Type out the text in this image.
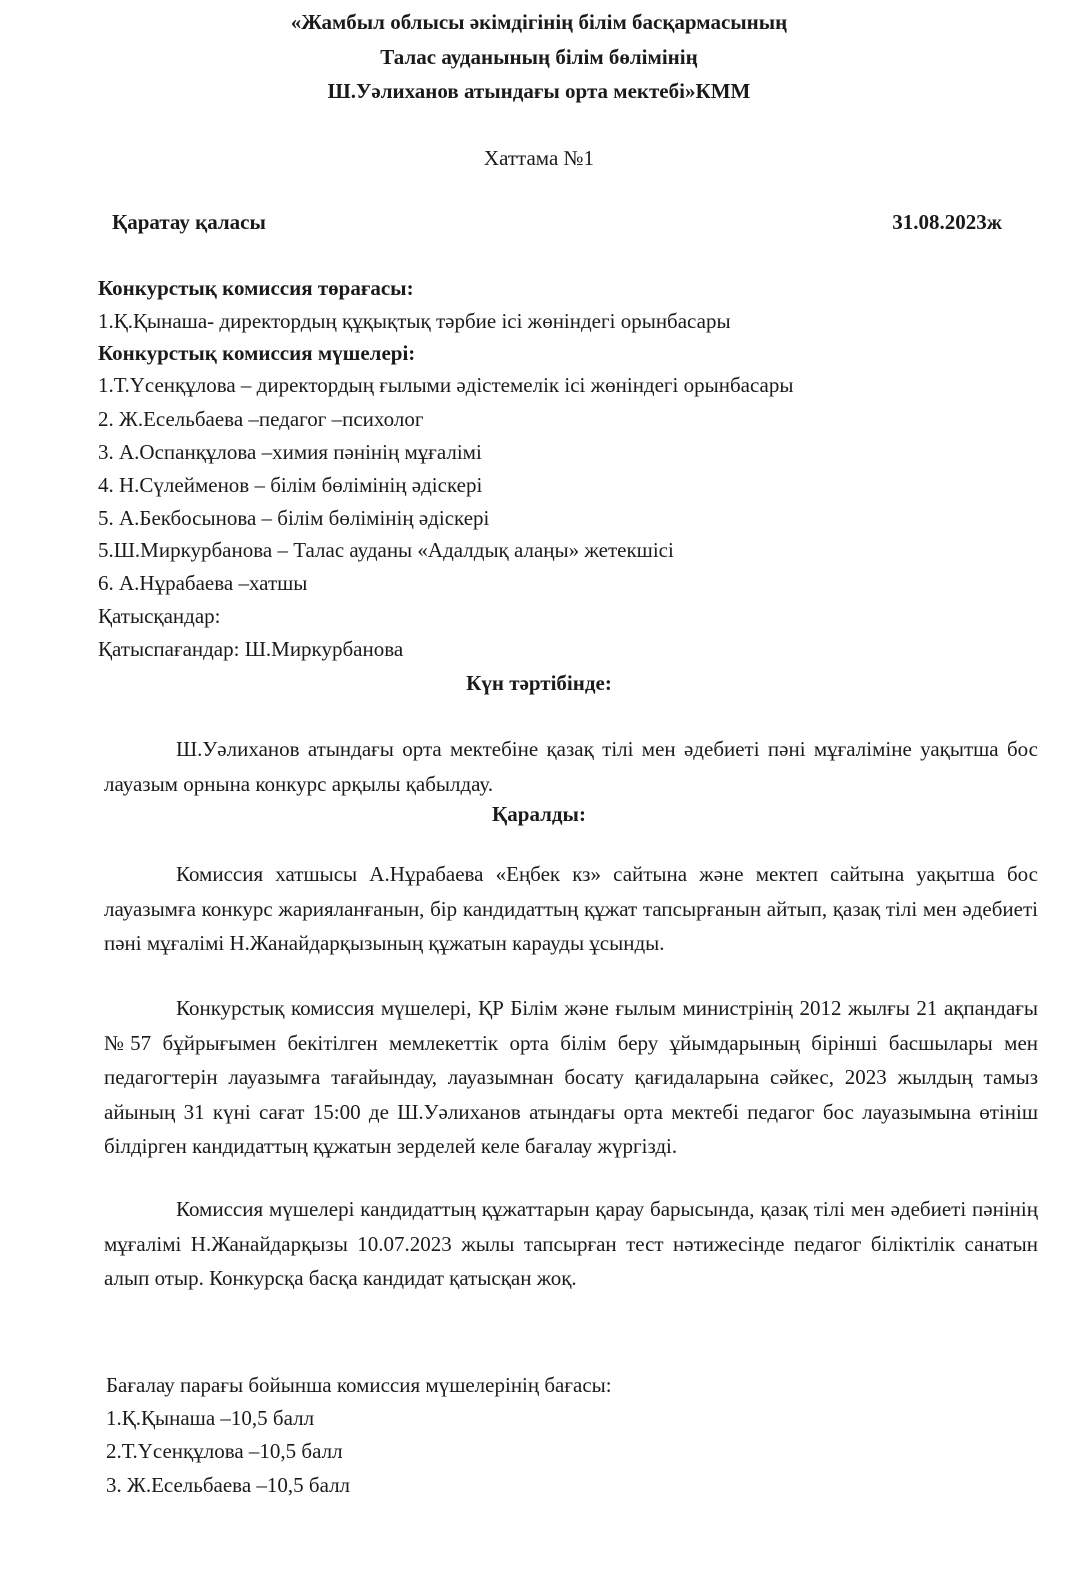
«Жамбыл облысы әкімдігінің білім басқармасының
Талас ауданының білім бөлімінің
Ш.Уәлиханов атындағы орта мектебі»КММ
Хаттама №1
Қаратау қаласы	31.08.2023ж
Конкурстық комиссия төрағасы:
1.Қ.Қынаша- директордың құқықтық тәрбие ісі жөніндегі орынбасары
Конкурстық комиссия мүшелері:
1.Т.Үсенқұлова – директордың ғылыми әдістемелік ісі жөніндегі орынбасары
2. Ж.Есельбаева –педагог –психолог
3. А.Оспанқұлова –химия пәнінің мұғалімі
4. Н.Сүлейменов – білім бөлімінің әдіскері
5. А.Бекбосынова – білім бөлімінің әдіскері
5.Ш.Миркурбанова – Талас ауданы «Адалдық алаңы» жетекшісі
6. А.Нұрабаева –хатшы
Қатысқандар:
Қатыспағандар: Ш.Миркурбанова
Күн тәртібінде:
Ш.Уәлиханов атындағы орта мектебіне қазақ тілі мен әдебиеті пәні мұғаліміне уақытша бос лауазым орнына конкурс арқылы қабылдау.
Қаралды:
Комиссия хатшысы А.Нұрабаева «Еңбек кз» сайтына және мектеп сайтына уақытша бос лауазымға конкурс жарияланғанын, бір кандидаттың құжат тапсырғанын айтып, қазақ тілі мен әдебиеті пәні мұғалімі Н.Жанайдарқызының құжатын карауды ұсынды.
Конкурстық комиссия мүшелері, ҚР Білім және ғылым министрінің 2012 жылғы 21 ақпандағы №57 бұйрығымен бекітілген мемлекеттік орта білім беру ұйымдарының бірінші басшылары мен педагогтерін лауазымға тағайындау, лауазымнан босату қағидаларына сәйкес, 2023 жылдың тамыз айының 31 күні сағат 15:00 де Ш.Уәлиханов атындағы орта мектебі педагог бос лауазымына өтініш білдірген кандидаттың құжатын зерделей келе бағалау жүргізді.
Комиссия мүшелері кандидаттың құжаттарын қарау барысында, қазақ тілі мен әдебиеті пәнінің мұғалімі Н.Жанайдарқызы 10.07.2023 жылы тапсырған тест нәтижесінде педагог біліктілік санатын алып отыр. Конкурсқа басқа кандидат қатысқан жоқ.
Бағалау парағы бойынша комиссия мүшелерінің бағасы:
1.Қ.Қынаша –10,5 балл
2.Т.Үсенқұлова –10,5 балл
3. Ж.Есельбаева –10,5 балл
